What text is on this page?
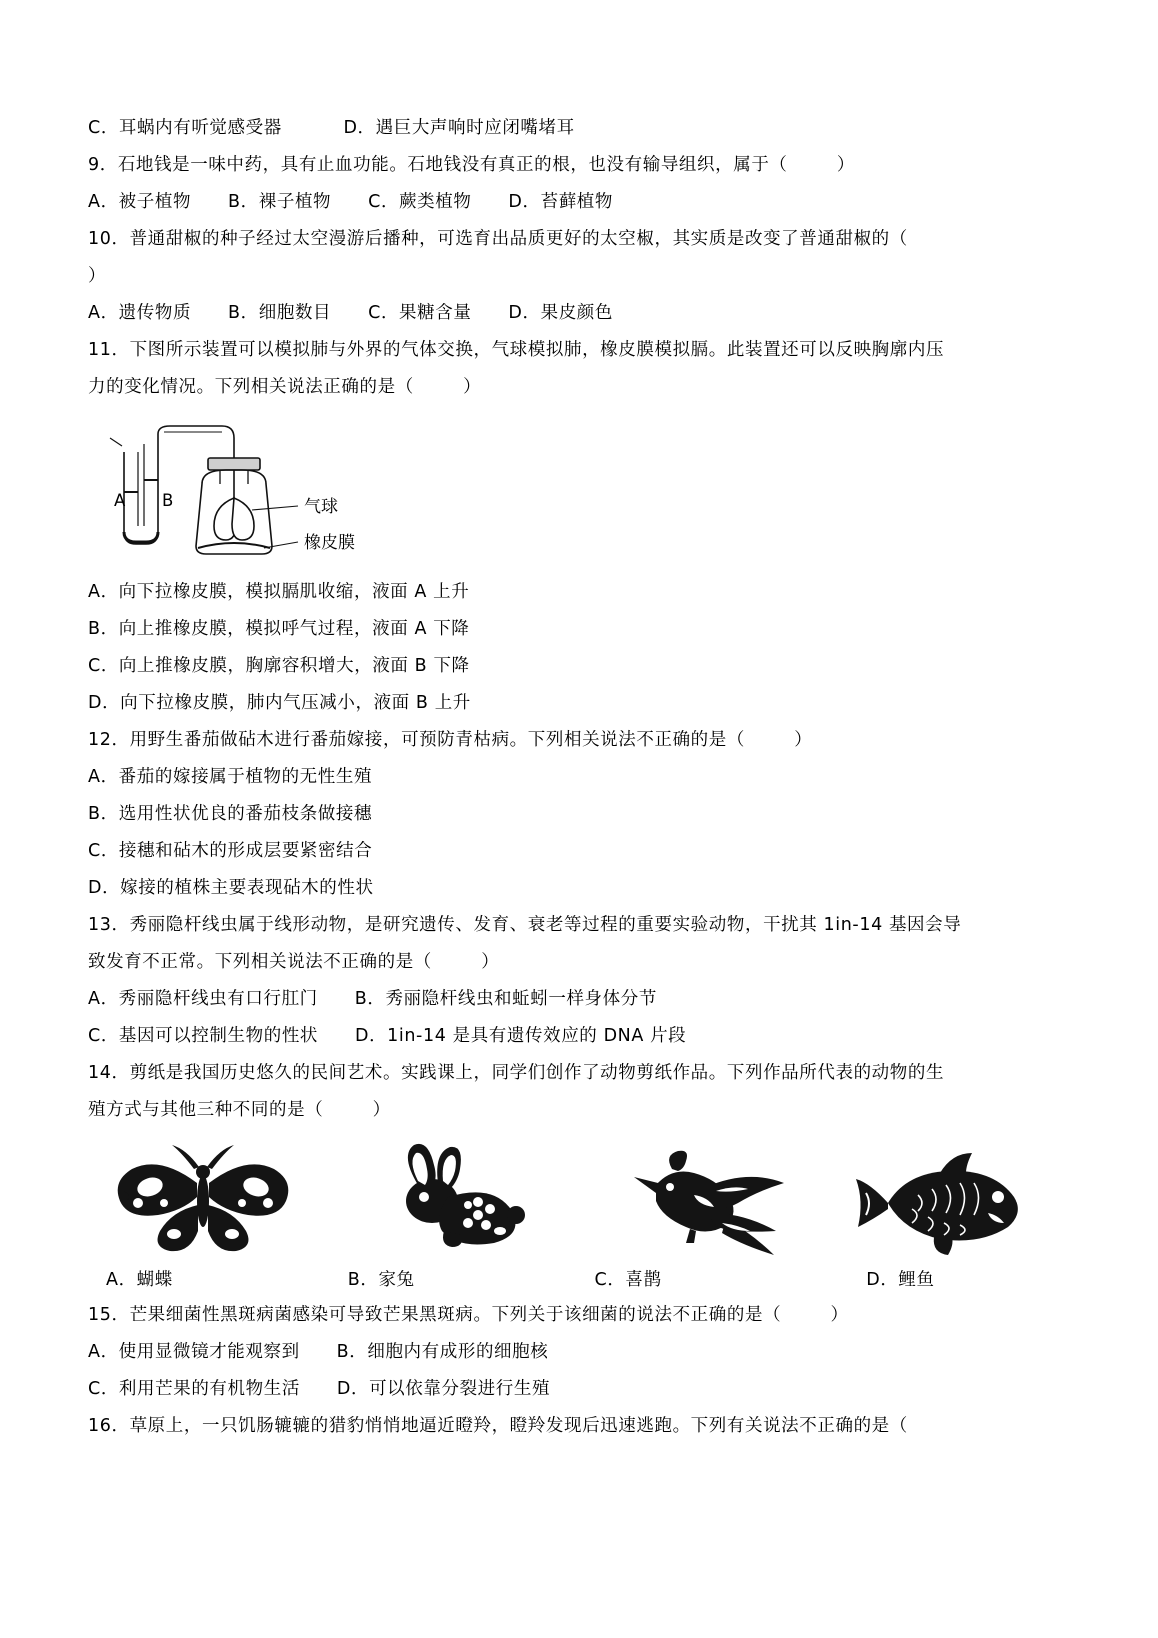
C．耳蜗内有听觉感受器          D．遇巨大声响时应闭嘴堵耳
9．石地钱是一味中药，具有止血功能。石地钱没有真正的根，也没有输导组织，属于（        ）
A．被子植物      B．裸子植物      C．蕨类植物      D．苔藓植物
10．普通甜椒的种子经过太空漫游后播种，可选育出品质更好的太空椒，其实质是改变了普通甜椒的（
）
A．遗传物质      B．细胞数目      C．果糖含量      D．果皮颜色
11．下图所示装置可以模拟肺与外界的气体交换，气球模拟肺，橡皮膜模拟膈。此装置还可以反映胸廓内压
力的变化情况。下列相关说法正确的是（        ）
A B	气球
橡皮膜
A．向下拉橡皮膜，模拟膈肌收缩，液面 A 上升
B．向上推橡皮膜，模拟呼气过程，液面 A 下降
C．向上推橡皮膜，胸廓容积增大，液面 B 下降
D．向下拉橡皮膜，肺内气压减小，液面 B 上升
12．用野生番茄做砧木进行番茄嫁接，可预防青枯病。下列相关说法不正确的是（        ）
A．番茄的嫁接属于植物的无性生殖
B．选用性状优良的番茄枝条做接穗
C．接穗和砧木的形成层要紧密结合
D．嫁接的植株主要表现砧木的性状
13．秀丽隐杆线虫属于线形动物，是研究遗传、发育、衰老等过程的重要实验动物，干扰其 1in-14 基因会导
致发育不正常。下列相关说法不正确的是（        ）
A．秀丽隐杆线虫有口行肛门      B．秀丽隐杆线虫和蚯蚓一样身体分节
C．基因可以控制生物的性状      D．1in-14 是具有遗传效应的 DNA 片段
14．剪纸是我国历史悠久的民间艺术。实践课上，同学们创作了动物剪纸作品。下列作品所代表的动物的生
殖方式与其他三种不同的是（        ）
A．蝴蝶	B．家兔	C．喜鹊	D．鲤鱼
15．芒果细菌性黑斑病菌感染可导致芒果黑斑病。下列关于该细菌的说法不正确的是（        ）
A．使用显微镜才能观察到      B．细胞内有成形的细胞核
C．利用芒果的有机物生活      D．可以依靠分裂进行生殖
16．草原上，一只饥肠辘辘的猎豹悄悄地逼近瞪羚，瞪羚发现后迅速逃跑。下列有关说法不正确的是（
